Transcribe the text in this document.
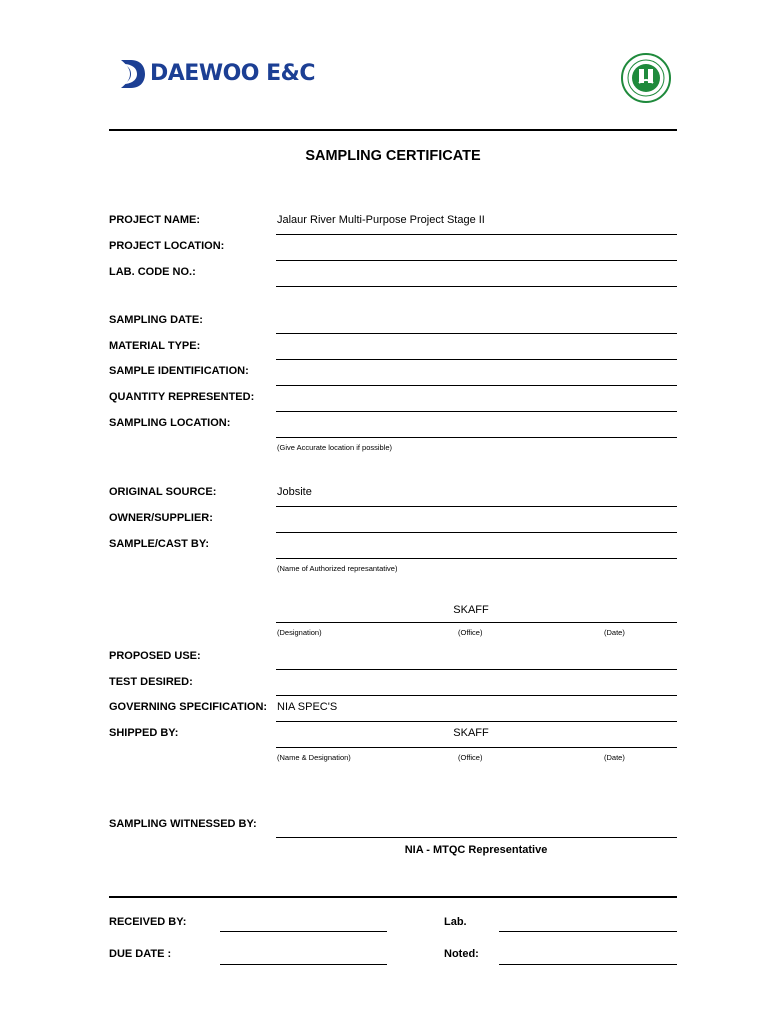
DAEWOO E&C
SAMPLING CERTIFICATE
PROJECT NAME:	Jalaur River Multi-Purpose Project Stage II
PROJECT LOCATION:
LAB. CODE NO.:
SAMPLING DATE:
MATERIAL TYPE:
SAMPLE IDENTIFICATION:
QUANTITY REPRESENTED:
SAMPLING LOCATION:
(Give Accurate location if possible)
ORIGINAL SOURCE:	Jobsite
OWNER/SUPPLIER:
SAMPLE/CAST BY:
(Name of Authorized represantative)
SKAFF
(Designation)	(Office)	(Date)
PROPOSED USE:
TEST DESIRED:
GOVERNING SPECIFICATION: NIA SPEC'S
SHIPPED BY:	SKAFF
(Name & Designation)	(Office)	(Date)
SAMPLING WITNESSED BY:
NIA - MTQC Representative
RECEIVED BY:	Lab.
DUE DATE :	Noted:
